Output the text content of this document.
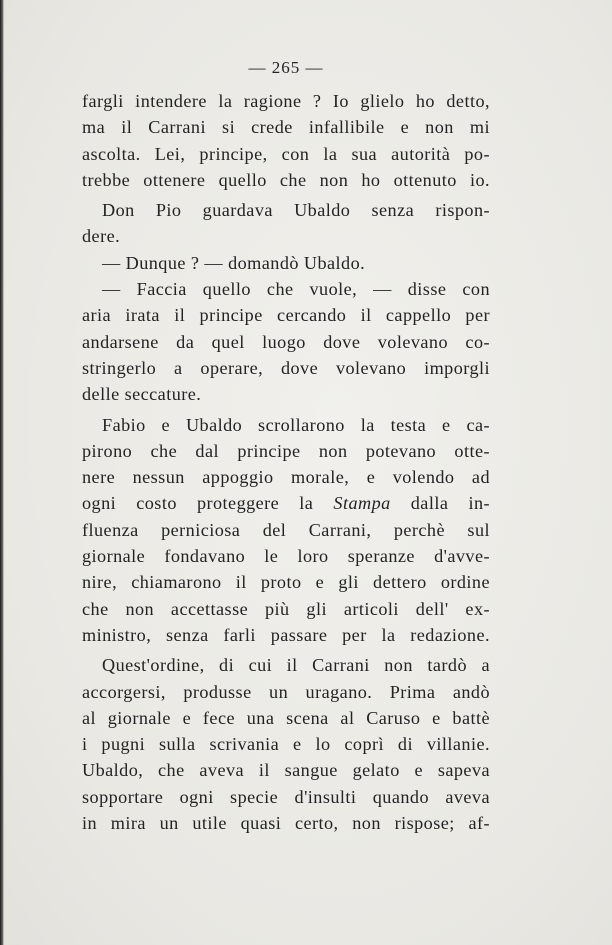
— 265 —
fargli intendere la ragione ? Io glielo ho detto,
ma il Carrani si crede infallibile e non mi
ascolta. Lei, principe, con la sua autorità po-
trebbe ottenere quello che non ho ottenuto io.
Don Pio guardava Ubaldo senza rispon-
dere.
— Dunque ? — domandò Ubaldo.
— Faccia quello che vuole, — disse con
aria irata il principe cercando il cappello per
andarsene da quel luogo dove volevano co-
stringerlo a operare, dove volevano imporgli
delle seccature.
Fabio e Ubaldo scrollarono la testa e ca-
pirono che dal principe non potevano otte-
nere nessun appoggio morale, e volendo ad
ogni costo proteggere la Stampa dalla in-
fluenza perniciosa del Carrani, perchè sul
giornale fondavano le loro speranze d'avve-
nire, chiamarono il proto e gli dettero ordine
che non accettasse più gli articoli dell' ex-
ministro, senza farli passare per la redazione.
Quest'ordine, di cui il Carrani non tardò a
accorgersi, produsse un uragano. Prima andò
al giornale e fece una scena al Caruso e battè
i pugni sulla scrivania e lo coprì di villanie.
Ubaldo, che aveva il sangue gelato e sapeva
sopportare ogni specie d'insulti quando aveva
in mira un utile quasi certo, non rispose; af-
